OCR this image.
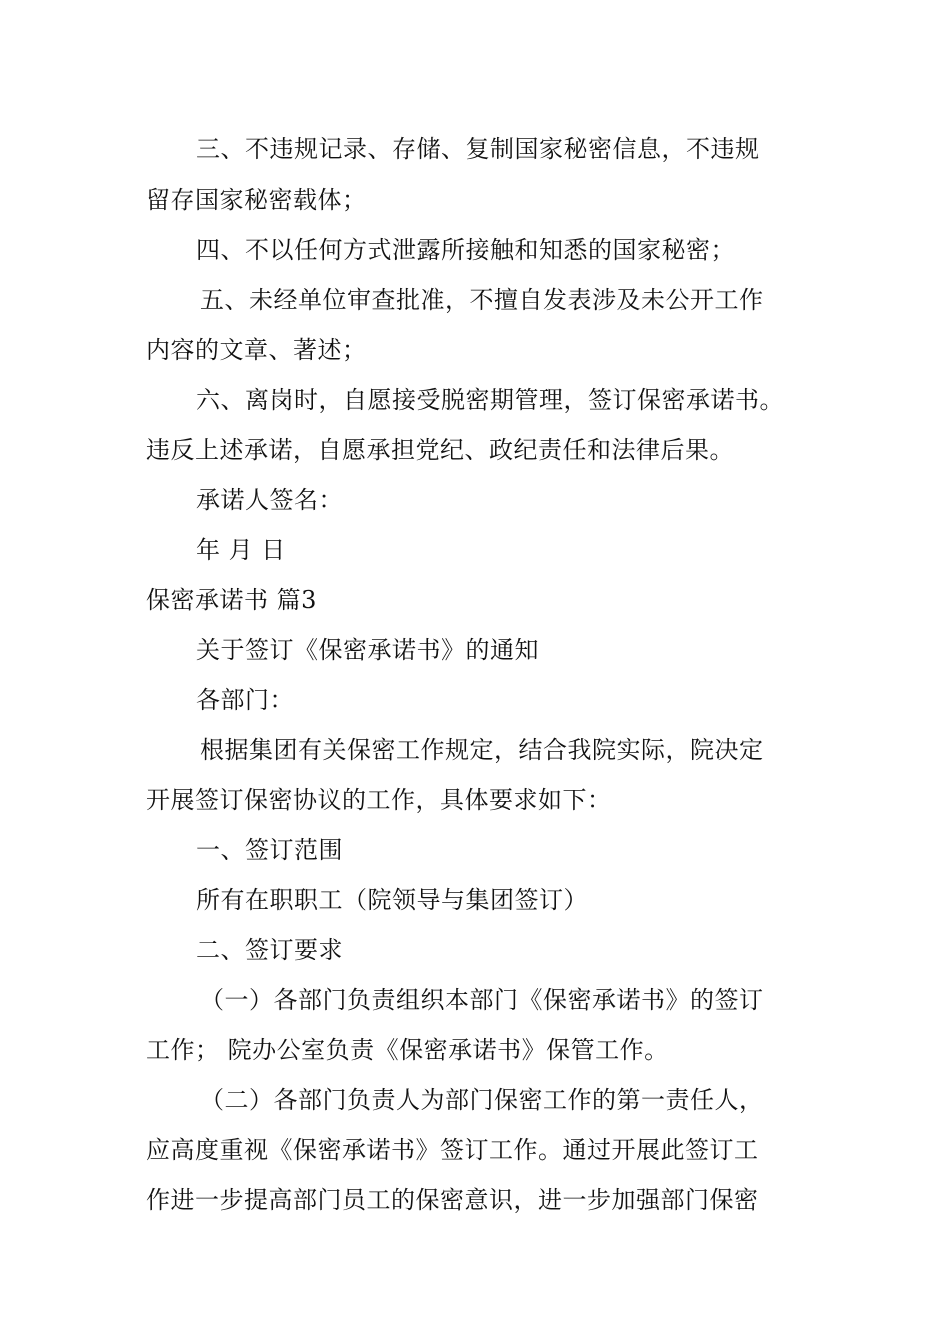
三、不违规记录、存储、复制国家秘密信息，不违规
留存国家秘密载体；
四、不以任何方式泄露所接触和知悉的国家秘密；
五、未经单位审查批准，不擅自发表涉及未公开工作
内容的文章、著述；
六、离岗时，自愿接受脱密期管理，签订保密承诺书。
违反上述承诺，自愿承担党纪、政纪责任和法律后果。
承诺人签名：
年 月 日
保密承诺书 篇3
关于签订《保密承诺书》的通知
各部门：
根据集团有关保密工作规定，结合我院实际，院决定
开展签订保密协议的工作，具体要求如下：
一、签订范围
所有在职职工（院领导与集团签订）
二、签订要求
（一）各部门负责组织本部门《保密承诺书》的签订
工作； 院办公室负责《保密承诺书》保管工作。
（二）各部门负责人为部门保密工作的第一责任人，
应高度重视《保密承诺书》签订工作。通过开展此签订工
作进一步提高部门员工的保密意识，进一步加强部门保密
